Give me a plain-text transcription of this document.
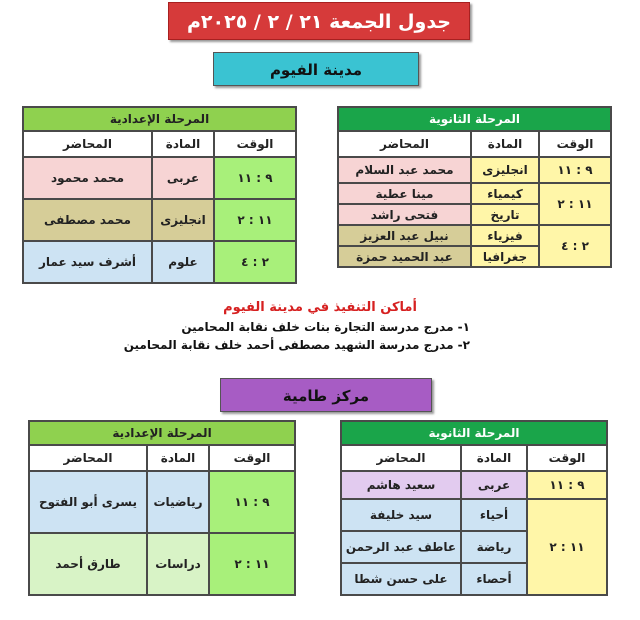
جدول الجمعة ٢١ / ٢ / ٢٠٢٥م
مدينة الفيوم
المرحلة الثانوية		
الوقت	المادة	المحاضر
٩ : ١١	انجليزى	محمد عبد السلام
١١ : ٢	كيمياء	مينا عطية
	تاريخ	فتحى راشد
٢ : ٤	فيزياء	نبيل عبد العزيز
	جغرافيا	عبد الحميد حمزة
المرحلة الإعدادية		
الوقت	المادة	المحاضر
٩ : ١١	عربى	محمد محمود
١١ : ٢	انجليزى	محمد مصطفى
٢ : ٤	علوم	أشرف سيد عمار
أماكن التنفيذ في مدينة الفيوم
١- مدرج مدرسة التجارة بنات خلف نقابة المحامين
٢- مدرج مدرسة الشهيد مصطفى أحمد خلف نقابة المحامين
مركز طامية
المرحلة الثانوية		
الوقت	المادة	المحاضر
٩ : ١١	عربى	سعيد هاشم
١١ : ٢	أحياء	سيد خليفة
	رياضة	عاطف عبد الرحمن
	أحصاء	على حسن شطا
المرحلة الإعدادية		
الوقت	المادة	المحاضر
٩ : ١١	رياضيات	يسرى أبو الفتوح
١١ : ٢	دراسات	طارق أحمد
